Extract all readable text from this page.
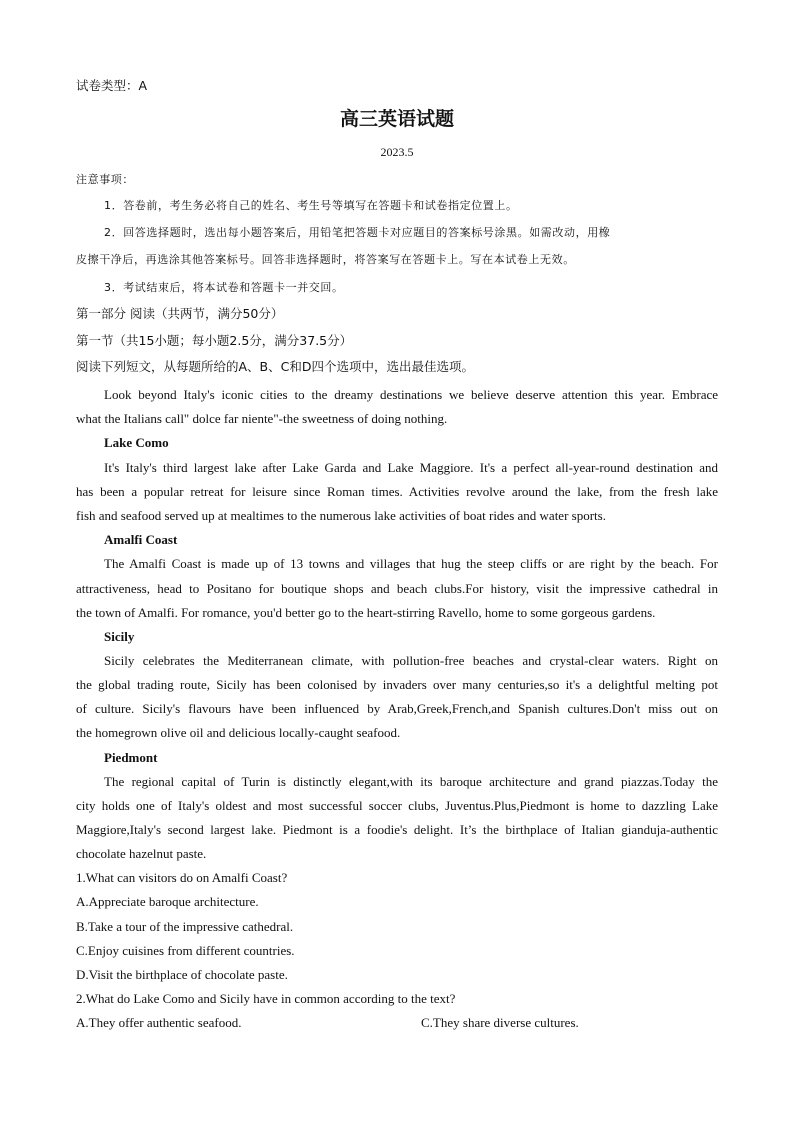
试卷类型：A
高三英语试题
2023.5
注意事项：
1．答卷前，考生务必将自己的姓名、考生号等填写在答题卡和试卷指定位置上。
2．回答选择题时，选出每小题答案后，用铅笔把答题卡对应题目的答案标号涂黑。如需改动，用橡
皮擦干净后，再选涂其他答案标号。回答非选择题时，将答案写在答题卡上。写在本试卷上无效。
3．考试结束后，将本试卷和答题卡一并交回。
第一部分 阅读（共两节，满分50分）
第一节（共15小题；每小题2.5分，满分37.5分）
阅读下列短文，从每题所给的A、B、C和D四个选项中，选出最佳选项。
Look beyond Italy's iconic cities to the dreamy destinations we believe deserve attention this year. Embrace
what the Italians call" dolce far niente"-the sweetness of doing nothing.
Lake Como
It's Italy's third largest lake after Lake Garda and Lake Maggiore. It's a perfect all-year-round destination and
has been a popular retreat for leisure since Roman times. Activities revolve around the lake, from the fresh lake
fish and seafood served up at mealtimes to the numerous lake activities of boat rides and water sports.
Amalfi Coast
The Amalfi Coast is made up of 13 towns and villages that hug the steep cliffs or are right by the beach. For
attractiveness, head to Positano for boutique shops and beach clubs.For history, visit the impressive cathedral in
the town of Amalfi. For romance, you'd better go to the heart-stirring Ravello, home to some gorgeous gardens.
Sicily
Sicily celebrates the Mediterranean climate, with pollution-free beaches and crystal-clear waters. Right on
the global trading route, Sicily has been colonised by invaders over many centuries,so it's a delightful melting pot
of culture. Sicily's flavours have been influenced by Arab,Greek,French,and Spanish cultures.Don't miss out on
the homegrown olive oil and delicious locally-caught seafood.
Piedmont
The regional capital of Turin is distinctly elegant,with its baroque architecture and grand piazzas.Today the
city holds one of Italy's oldest and most successful soccer clubs, Juventus.Plus,Piedmont is home to dazzling Lake
Maggiore,Italy's second largest lake. Piedmont is a foodie's delight. It’s the birthplace of Italian gianduja-authentic
chocolate hazelnut paste.
1.What can visitors do on Amalfi Coast?
A.Appreciate baroque architecture.
B.Take a tour of the impressive cathedral.
C.Enjoy cuisines from different countries.
D.Visit the birthplace of chocolate paste.
2.What do Lake Como and Sicily have in common according to the text?
A.They offer authentic seafood.	C.They share diverse cultures.
